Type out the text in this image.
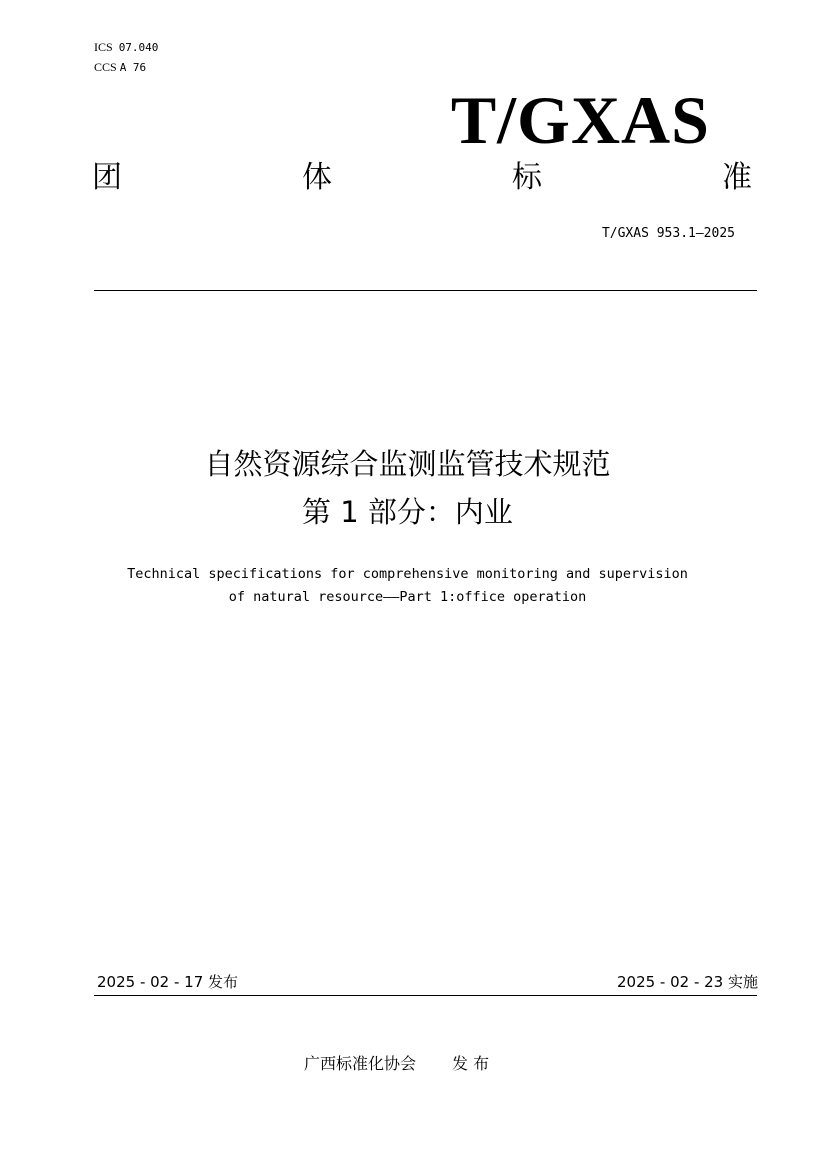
ICS 07.040
CCS A 76
T/GXAS
团	体	标	准
T/GXAS 953.1—2025
自然资源综合监测监管技术规范
第 1 部分：内业
Technical specifications for comprehensive monitoring and supervision
of natural resource——Part 1:office operation
2025 - 02 - 17 发布	2025 - 02 - 23 实施
广西标准化协会 发 布
